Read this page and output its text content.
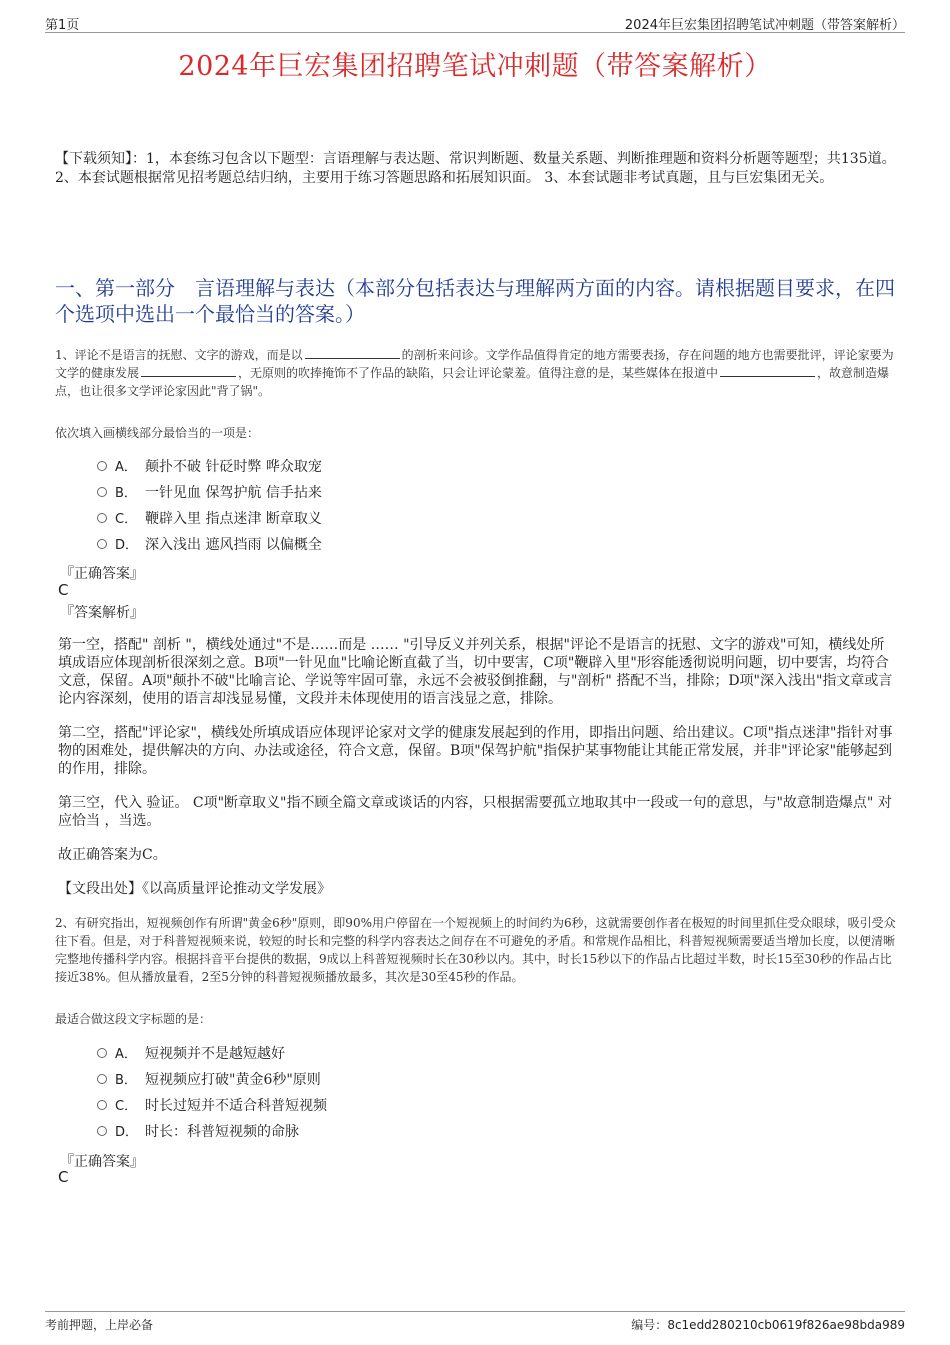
第1页	2024年巨宏集团招聘笔试冲刺题（带答案解析）
2024年巨宏集团招聘笔试冲刺题（带答案解析）
【下载须知】：1，本套练习包含以下题型：言语理解与表达题、常识判断题、数量关系题、判断推理题和资料分析题等题型；共135道。 2、本套试题根据常见招考题总结归纳，主要用于练习答题思路和拓展知识面。 3、本套试题非考试真题，且与巨宏集团无关。
一、第一部分　言语理解与表达（本部分包括表达与理解两方面的内容。请根据题目要求，在四个选项中选出一个最恰当的答案。）
1、评论不是语言的抚慰、文字的游戏，而是以	的剖析来问诊。文学作品值得肯定的地方需要表扬，存在问题的地方也需要批评，评论家要为文学的健康发展	，无原则的吹捧掩饰不了作品的缺陷，只会让评论蒙羞。值得注意的是，某些媒体在报道中	，故意制造爆点，也让很多文学评论家因此"背了锅"。
依次填入画横线部分最恰当的一项是：
A． 颠扑不破 针砭时弊 哗众取宠
B． 一针见血 保驾护航 信手拈来
C． 鞭辟入里 指点迷津 断章取义
D． 深入浅出 遮风挡雨 以偏概全
『正确答案』
C
『答案解析』
第一空，搭配" 剖析 "，横线处通过"不是……而是 …… "引导反义并列关系，根据"评论不是语言的抚慰、文字的游戏"可知，横线处所填成语应体现剖析很深刻之意。B项"一针见血"比喻论断直截了当，切中要害，C项"鞭辟入里"形容能透彻说明问题，切中要害，均符合文意，保留。A项"颠扑不破"比喻言论、学说等牢固可靠，永远不会被驳倒推翻，与"剖析" 搭配不当，排除；D项"深入浅出"指文章或言论内容深刻，使用的语言却浅显易懂，文段并未体现使用的语言浅显之意，排除。
第二空，搭配"评论家"，横线处所填成语应体现评论家对文学的健康发展起到的作用，即指出问题、给出建议。C项"指点迷津"指针对事物的困难处，提供解决的方向、办法或途径，符合文意，保留。B项"保驾护航"指保护某事物能让其能正常发展，并非"评论家"能够起到的作用，排除。
第三空，代入 验证。 C项"断章取义"指不顾全篇文章或谈话的内容，只根据需要孤立地取其中一段或一句的意思，与"故意制造爆点" 对应恰当 ，当选。
故正确答案为C。
【文段出处】《以高质量评论推动文学发展》
2、有研究指出，短视频创作有所谓"黄金6秒"原则，即90%用户停留在一个短视频上的时间约为6秒，这就需要创作者在极短的时间里抓住受众眼球，吸引受众往下看。但是，对于科普短视频来说，较短的时长和完整的科学内容表达之间存在不可避免的矛盾。和常规作品相比，科普短视频需要适当增加长度，以便清晰完整地传播科学内容。根据抖音平台提供的数据，9成以上科普短视频时长在30秒以内。其中，时长15秒以下的作品占比超过半数，时长15至30秒的作品占比接近38%。但从播放量看，2至5分钟的科普短视频播放最多，其次是30至45秒的作品。
最适合做这段文字标题的是：
A． 短视频并不是越短越好
B． 短视频应打破"黄金6秒"原则
C． 时长过短并不适合科普短视频
D． 时长：科普短视频的命脉
『正确答案』
C
考前押题，上岸必备	编号：8c1edd280210cb0619f826ae98bda989
